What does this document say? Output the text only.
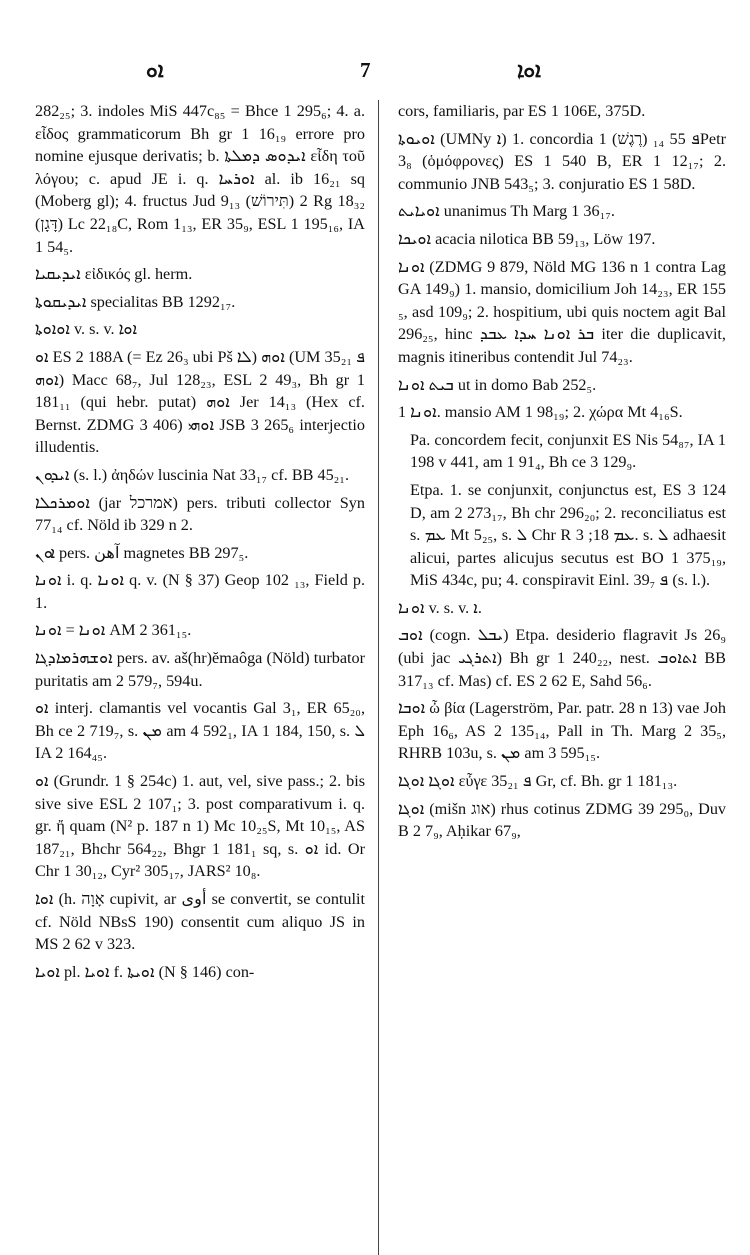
ܐܘ	7	ܐܘܐ
282₂₅; 3. indoles MiS 447c₈₅ = Bhce 1 295₆; 4. a. εἶδος grammaticorum Bh gr 1 16₁₉ errore pro nomine ejusque derivatis; b. ܐܝܕܘܣ ܕܡܠܬܐ εἶδη τοῦ λόγου; c. apud JE i. q. ܐܘܪܚܐ al. ib 16₂₁ sq (Moberg gl); 4. fructus Jud 9₁₃ (תִּירוֹשׁ) 2 Rg 18₃₂ (דָּגָן) Lc 22₁₈C, Rom 1₁₃, ER 35₉, ESL 1 195₁₆, IA 1 54₅.
ܐܝܕܝܩܝܐ εἰδικός gl. herm.
ܐܝܕܝܩܘܬܐ specialitas BB 1292₁₇.
ܐܘܐܘܬܐ v. s. v. ܐܘܐ
ܐܘ ES 2 188A (= Ez 26₃ ubi Pš ܠܐ) ܐܘܗ (UM ܦ 35₂₁ ܐܘܗ) Macc 68₇, Jul 128₂₃, ESL 2 49₃, Bh gr 1 181₁₁ (qui hebr. putat) ܐܘܗ Jer 14₁₃ (Hex cf. Bernst. ZDMG 3 406) ܐܘܗܝ JSB 3 265₆ interjectio illudentis.
ܐܝܕܘܢ (s. l.) ἀηδών luscinia Nat 33₁₇ cf. BB 45₂₁.
ܐܘܡܪܟܠܐ (jar אמרכל) pers. tributi collector Syn 77₁₄ cf. Nöld ib 329 n 2.
ܐܘܢ pers. آهن magnetes BB 297₅.
ܐܘܢܐ i. q. ܐܘܢܐ q. v. (N § 37) Geop 102 ₁₃, Field p. 1.
ܐܘܢܐ = ܐܘܢܐ AM 2 361₁₅.
ܐܘܫܗܪܡܐܕܓܐ pers. av. aš(hr)ĕmaôga (Nöld) turbator puritatis am 2 579₇, 594u.
ܐܘ interj. clamantis vel vocantis Gal 3₁, ER 65₂₀, Bh ce 2 719₇, s. ܡܢ am 4 592₁, IA 1 184, 150, s. ܠ IA 2 164₄₅.
ܐܘ (Grundr. 1 § 254c) 1. aut, vel, sive pass.; 2. bis sive sive ESL 2 107₁; 3. post comparativum i. q. gr. ἤ quam (N² p. 187 n 1) Mc 10₂₅S, Mt 10₁₅, AS 187₂₁, Bhchr 564₂₂, Bhgr 1 181₁ sq, s. ܐܘ id. Or Chr 1 30₁₂, Cyr² 305₁₇, JARS² 10₈.
ܐܘܐ (h. אָוָה cupivit, ar أوى se convertit, se contulit cf. Nöld NBsS 190) consentit cum aliquo JS in MS 2 62 v 323.
ܐܘܝܐ pl. ܐܘܝܐ f. ܐܘܝܬܐ (N § 146) con-
cors, familiaris, par ES 1 106E, 375D.
ܐܘܝܘܬܐ (UMNy ܐ) 1. concordia ܦ 55 ₁₄ (רֶגֶשׁ) 1Petr 3₈ (ὁμόφρονες) ES 1 540 B, ER 1 12₁₇; 2. communio JNB 543₅; 3. conjuratio ES 1 58D.
ܐܘܝܐܝܬ unanimus Th Marg 1 36₁₇.
ܐܘܝܟܐ acacia nilotica BB 59₁₃, Löw 197.
ܐܘܢܐ (ZDMG 9 879, Nöld MG 136 n 1 contra Lag GA 149₉) 1. mansio, domicilium Joh 14₂₃, ER 155 ₅, asd 109₉; 2. hospitium, ubi quis noctem agit Bal 296₂₅, hinc ܒܪ ܐܘܢܐ ܚܕܐ ܥܒܕ iter die duplicavit, magnis itineribus contendit Jul 74₂₃.
ܒܝܬ ܐܘܢܐ ut in domo Bab 252₅.
ܐܘܢܐ 1. mansio AM 1 98₁₉; 2. χώρα Mt 4₁₆S.
Pa. concordem fecit, conjunxit ES Nis 54₈₇, IA 1 198 v 441, am 1 91₄, Bh ce 3 129₉.
Etpa. 1. se conjunxit, conjunctus est, ES 3 124 D, am 2 273₁₇, Bh chr 296₂₀; 2. reconciliatus est s. ܥܡ Mt 5₂₅, s. ܠ Chr R ܥܡ 18; 3. s. ܠ adhaesit alicui, partes alicujus secutus est BO 1 375₁₉, MiS 434c, pu; 4. conspiravit Einl. ܦ 39₇ (s. l.).
ܐܘܢܐ v. s. v. ܐ.
ܐܘܒ (cogn. ܝܒܠ) Etpa. desiderio flagravit Js 26₉ (ubi jac ܐܬܪܓܝ) Bh gr 1 240₂₂, nest. ܐܬܐܘܒ BB 317₁₃ cf. Mas) cf. ES 2 62 E, Sahd 56₆.
ܐܘܒܐ ὦ βία (Lagerström, Par. patr. 28 n 13) vae Joh Eph 16₆, AS 2 135₁₄, Pall in Th. Marg 2 35₅, RHRB 103u, s. ܡܢ am 3 595₁₅.
ܐܘܓܐ ܐܘܓܐ εὖγε ܦ 35₂₁ Gr, cf. Bh. gr 1 181₁₃.
ܐܘܓܐ (mišn אוג) rhus cotinus ZDMG 39 295₀, Duv B 2 7₉, Aḥikar 67₉,
